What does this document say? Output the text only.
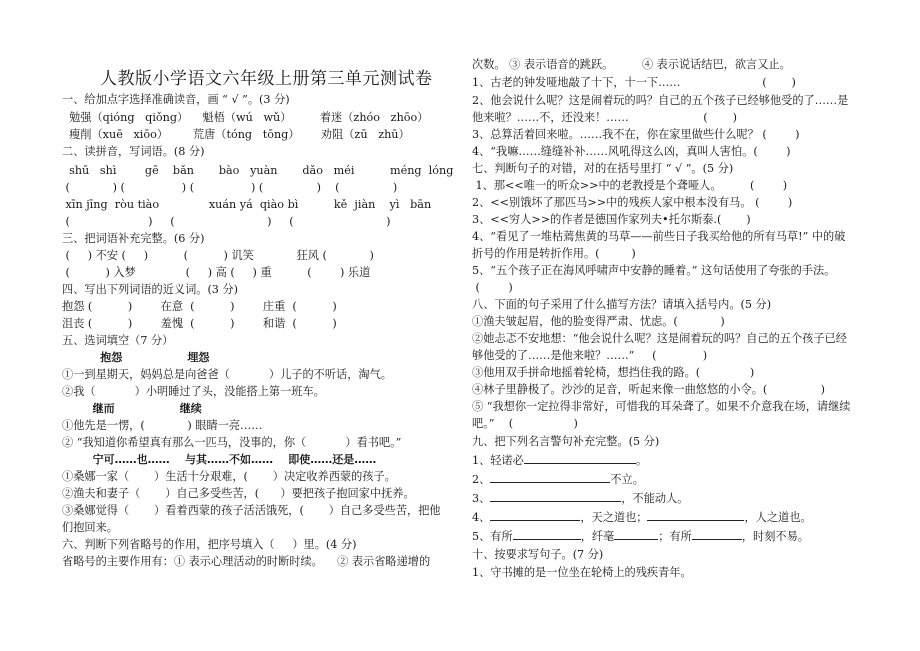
人教版小学语文六年级上册第三单元测试卷
一、给加点字选择准确读音，画 “ √ ”。(3 分)
勉强（qióng   qiǒng）    魁梧（wú   wǔ）        着迷（zhóo   zhōo）
瘦削（xuē   xiōo）       荒唐（tóng   tōng）      劝阻（zū   zhū）
二、读拼音，写词语。(8 分)
shū   shì        gē    bǎn       bào   yuàn       dǎo   méi          méng  lóng
(            ) (                ) (                ) (               )    (               )
xīn jīng  ròu tiào              xuán yá  qiào bì          kě  jiàn    yì   bān
(                      )     (                          )     (                          )
三、把词语补充完整。(6 分)
(     ) 不安 (     )          (          ) 讥笑            狂风 (            )
(          ) 入梦              (     ) 高 (     ) 重          (        ) 乐道
四、写出下列词语的近义词。(3 分)
抱怨 (          )        在意  (          )        庄重  (          )
沮丧 (          )        羞愧  (          )        和谐  (          )
五、选词填空（7 分）
抱怨                 埋怨
①一到星期天，妈妈总是向爸爸（           ）儿子的不听话，淘气。
②我（           ）小明睡过了头，没能搭上第一班车。
继而                 继续
①他先是一愣，(            ) 眼睛一亮……
② “我知道你希望真有那么一匹马，没事的，你（           ）看书吧。”
宁可……也……    与其……不如……    即使……还是……
①桑娜一家（       ）生活十分艰难，(       ）决定收养西蒙的孩子。
②渔夫和妻子（       ）自己多受些苦，(      ）要把孩子抱回家中抚养。
③桑娜觉得（       ）看着西蒙的孩子活活饿死，(       ）自己多受些苦，把他
们抱回来。
六、判断下列省略号的作用，把序号填入（     ）里。(4 分)
省略号的主要作用有：① 表示心理活动的时断时续。    ② 表示省略递增的
次数。 ③ 表示语音的跳跃。        ④ 表示说话结巴，欲言又止。
1、古老的钟发哑地敲了十下，十一下……                       (       )
2、他会说什么呢？这是闹着玩的吗？自己的五个孩子已经够他受的了……是
他来啦？……不，还没来！……                     (       )
3、总算活着回来啦。……我不在，你在家里做些什么呢？ (        )
4、“我嘛……缝缝补补……风吼得这么凶，真叫人害怕。(        )
七、判断句子的对错，对的在括号里打 “ √ ”。(5 分)
1、那<<唯一的听众>>中的老教授是个聋哑人。        (        )
2、<<别饿坏了那匹马>>中的残疾人家中根本没有马。 (        )
3、<<穷人>>的作者是德国作家列夫•托尔斯泰.(       )
4、“看见了一堆枯蔫焦黄的马草——前些日子我买给他的所有马草!” 中的破
折号的作用是转折作用。(         )
5、“五个孩子正在海风呼啸声中安静的睡着。” 这句话使用了夸张的手法。
(        )
八、下面的句子采用了什么描写方法？请填入括号内。(5 分)
①渔夫皱起眉，他的脸变得严肃、忧虑。(            )
②她忐忑不安地想：“他会说什么呢？这是闹着玩的吗？自己的五个孩子已经
够他受的了……是他来啦？……”     (             )
③他用双手拼命地摇着轮椅，想挡住我的路。(              )
④林子里静极了。沙沙的足音，听起来像一曲悠悠的小令。(               )
⑤ “我想你一定拉得非常好，可惜我的耳朵聋了。如果不介意我在场，请继续
吧。”    (                 )
九、把下列名言警句补充完整。(5 分)
1、轻诺必	。
2、	不立。
3、	，不能动人。
4、	，天之道也；	，人之道也。
5、有所	，纤毫	；有所	，时刻不易。
十、按要求写句子。(7 分)
1、守书摊的是一位坐在轮椅上的残疾青年。
